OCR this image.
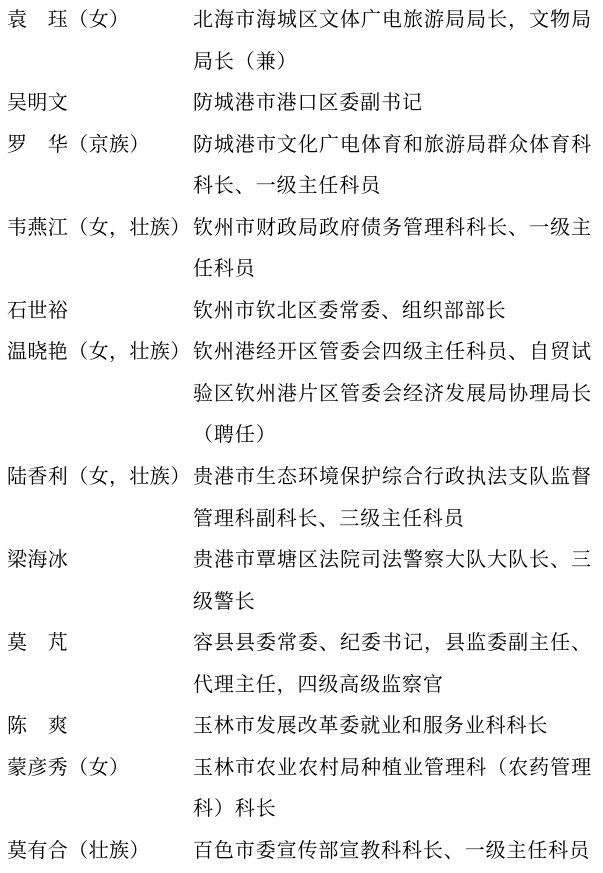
袁　珏（女）	北海市海城区文体广电旅游局局长，文物局局长（兼）
吴明文	防城港市港口区委副书记
罗　华（京族）	防城港市文化广电体育和旅游局群众体育科科长、一级主任科员
韦燕江（女，壮族） 钦州市财政局政府债务管理科科长、一级主任科员
石世裕	钦州市钦北区委常委、组织部部长
温晓艳（女，壮族） 钦州港经开区管委会四级主任科员、自贸试验区钦州港片区管委会经济发展局协理局长（聘任）
陆香利（女，壮族） 贵港市生态环境保护综合行政执法支队监督管理科副科长、三级主任科员
梁海冰	贵港市覃塘区法院司法警察大队大队长、三级警长
莫　芃	容县县委常委、纪委书记，县监委副主任、代理主任，四级高级监察官
陈　爽	玉林市发展改革委就业和服务业科科长
蒙彦秀（女）	玉林市农业农村局种植业管理科（农药管理科）科长
莫有合（壮族）	百色市委宣传部宣教科科长、一级主任科员
